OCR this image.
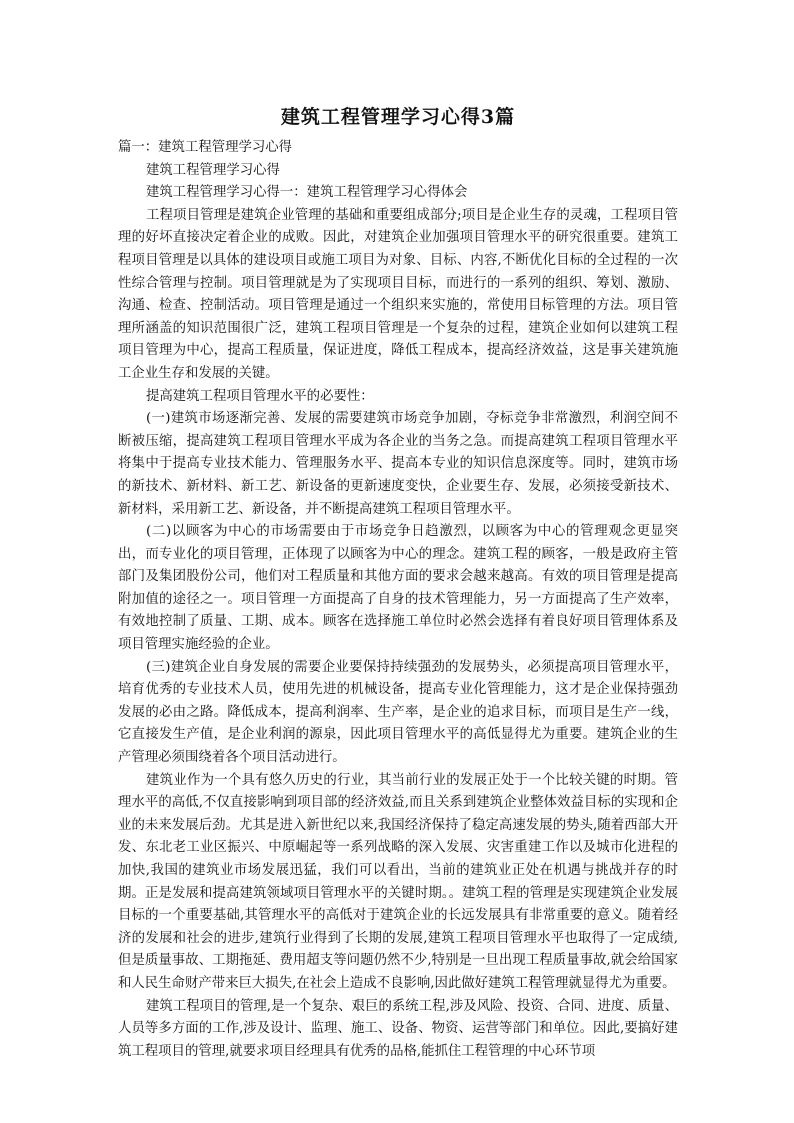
建筑工程管理学习心得3篇

篇一：建筑工程管理学习心得

建筑工程管理学习心得

建筑工程管理学习心得一：建筑工程管理学习心得体会

工程项目管理是建筑企业管理的基础和重要组成部分;项目是企业生存的灵魂，工程项目管理的好坏直接决定着企业的成败。因此，对建筑企业加强项目管理水平的研究很重要。建筑工程项目管理是以具体的建设项目或施工项目为对象、目标、内容,不断优化目标的全过程的一次性综合管理与控制。项目管理就是为了实现项目目标，而进行的一系列的组织、筹划、激励、沟通、检查、控制活动。项目管理是通过一个组织来实施的，常使用目标管理的方法。项目管理所涵盖的知识范围很广泛，建筑工程项目管理是一个复杂的过程，建筑企业如何以建筑工程项目管理为中心，提高工程质量，保证进度，降低工程成本，提高经济效益，这是事关建筑施工企业生存和发展的关键。

提高建筑工程项目管理水平的必要性：

(一)建筑市场逐渐完善、发展的需要建筑市场竞争加剧，夺标竞争非常激烈，利润空间不断被压缩，提高建筑工程项目管理水平成为各企业的当务之急。而提高建筑工程项目管理水平将集中于提高专业技术能力、管理服务水平、提高本专业的知识信息深度等。同时，建筑市场的新技术、新材料、新工艺、新设备的更新速度变快，企业要生存、发展，必须接受新技术、新材料，采用新工艺、新设备，并不断提高建筑工程项目管理水平。

(二)以顾客为中心的市场需要由于市场竞争日趋激烈，以顾客为中心的管理观念更显突出，而专业化的项目管理，正体现了以顾客为中心的理念。建筑工程的顾客，一般是政府主管部门及集团股份公司，他们对工程质量和其他方面的要求会越来越高。有效的项目管理是提高附加值的途径之一。项目管理一方面提高了自身的技术管理能力，另一方面提高了生产效率，有效地控制了质量、工期、成本。顾客在选择施工单位时必然会选择有着良好项目管理体系及项目管理实施经验的企业。

(三)建筑企业自身发展的需要企业要保持持续强劲的发展势头，必须提高项目管理水平，培育优秀的专业技术人员，使用先进的机械设备，提高专业化管理能力，这才是企业保持强劲发展的必由之路。降低成本，提高利润率、生产率，是企业的追求目标，而项目是生产一线，它直接发生产值，是企业利润的源泉，因此项目管理水平的高低显得尤为重要。建筑企业的生产管理必须围绕着各个项目活动进行。

建筑业作为一个具有悠久历史的行业，其当前行业的发展正处于一个比较关键的时期。管理水平的高低,不仅直接影响到项目部的经济效益,而且关系到建筑企业整体效益目标的实现和企业的未来发展后劲。尤其是进入新世纪以来,我国经济保持了稳定高速发展的势头,随着西部大开发、东北老工业区振兴、中原崛起等一系列战略的深入发展、灾害重建工作以及城市化进程的加快,我国的建筑业市场发展迅猛，我们可以看出，当前的建筑业正处在机遇与挑战并存的时期。正是发展和提高建筑领域项目管理水平的关键时期。。建筑工程的管理是实现建筑企业发展目标的一个重要基础,其管理水平的高低对于建筑企业的长远发展具有非常重要的意义。随着经济的发展和社会的进步,建筑行业得到了长期的发展,建筑工程项目管理水平也取得了一定成绩,但是质量事故、工期拖延、费用超支等问题仍然不少,特别是一旦出现工程质量事故,就会给国家和人民生命财产带来巨大损失,在社会上造成不良影响,因此做好建筑工程管理就显得尤为重要。

建筑工程项目的管理,是一个复杂、艰巨的系统工程,涉及风险、投资、合同、进度、质量、人员等多方面的工作,涉及设计、监理、施工、设备、物资、运营等部门和单位。因此,要搞好建筑工程项目的管理,就要求项目经理具有优秀的品格,能抓住工程管理的中心环节项
